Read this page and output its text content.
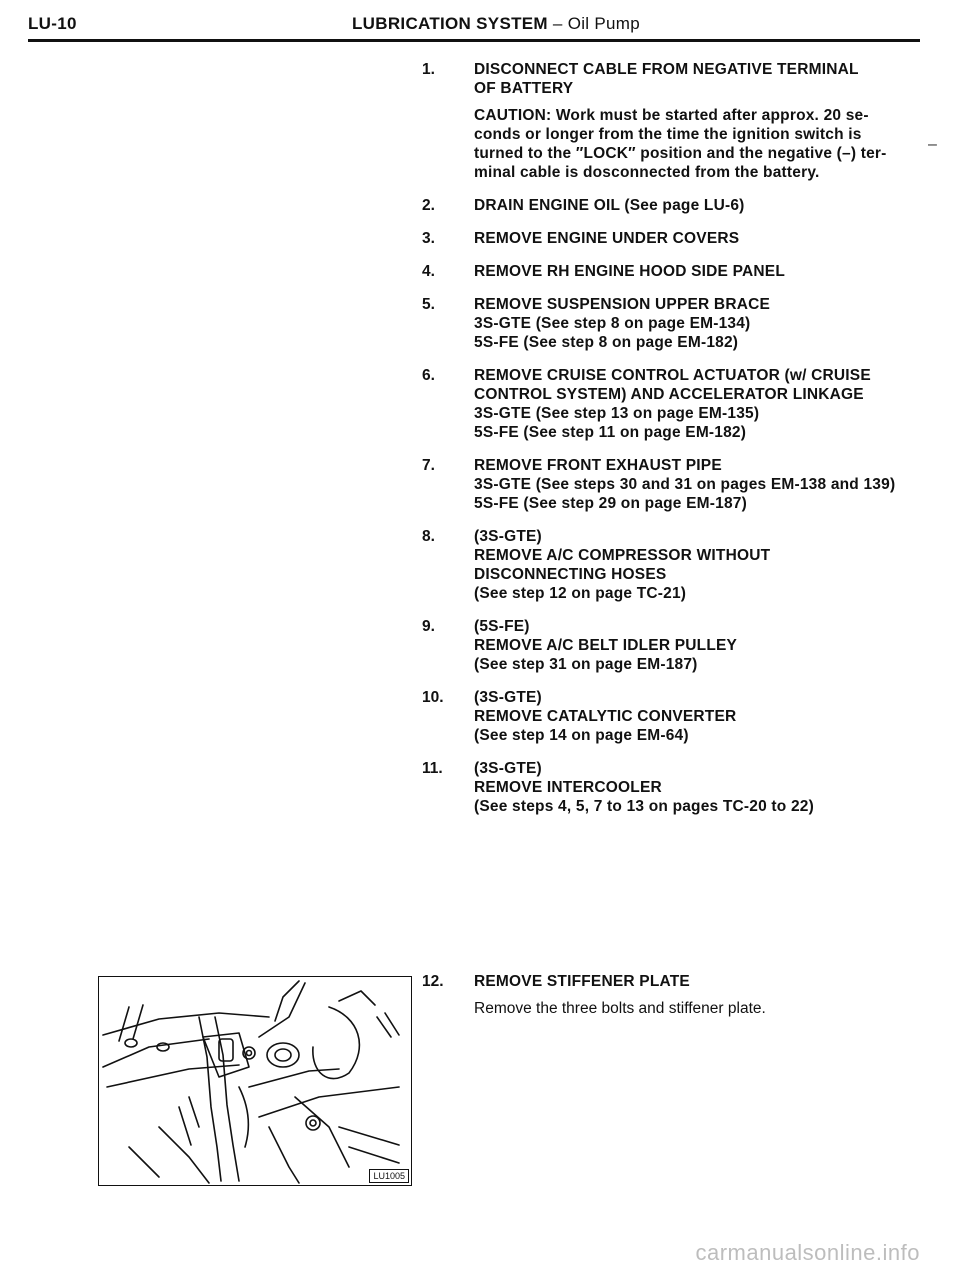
LU-10	LUBRICATION SYSTEM – Oil Pump
–
1.	DISCONNECT CABLE FROM NEGATIVE TERMINAL
OF BATTERY
CAUTION: Work must be started after approx. 20 se-
conds or longer from the time the ignition switch is
turned to the ″LOCK″ position and the negative (–) ter-
minal cable is dosconnected from the battery.
2.	DRAIN ENGINE OIL (See page LU-6)
3.	REMOVE ENGINE UNDER COVERS
4.	REMOVE RH ENGINE HOOD SIDE PANEL
5.	REMOVE SUSPENSION UPPER BRACE
3S-GTE (See step 8 on page EM-134)
5S-FE (See step 8 on page EM-182)
6.	REMOVE CRUISE CONTROL ACTUATOR (w/ CRUISE
CONTROL SYSTEM) AND ACCELERATOR LINKAGE
3S-GTE (See step 13 on page EM-135)
5S-FE (See step 11 on page EM-182)
7.	REMOVE FRONT EXHAUST PIPE
3S-GTE (See steps 30 and 31 on pages EM-138 and 139)
5S-FE (See step 29 on page EM-187)
8.	(3S-GTE)
REMOVE A/C COMPRESSOR WITHOUT
DISCONNECTING HOSES
(See step 12 on page TC-21)
9.	(5S-FE)
REMOVE A/C BELT IDLER PULLEY
(See step 31 on page EM-187)
10. (3S-GTE)
REMOVE CATALYTIC CONVERTER
(See step 14 on page EM-64)
11. (3S-GTE)
REMOVE INTERCOOLER
(See steps 4, 5, 7 to 13 on pages TC-20 to 22)
12. REMOVE STIFFENER PLATE
Remove the three bolts and stiffener plate.
LU1005
carmanualsonline.info
